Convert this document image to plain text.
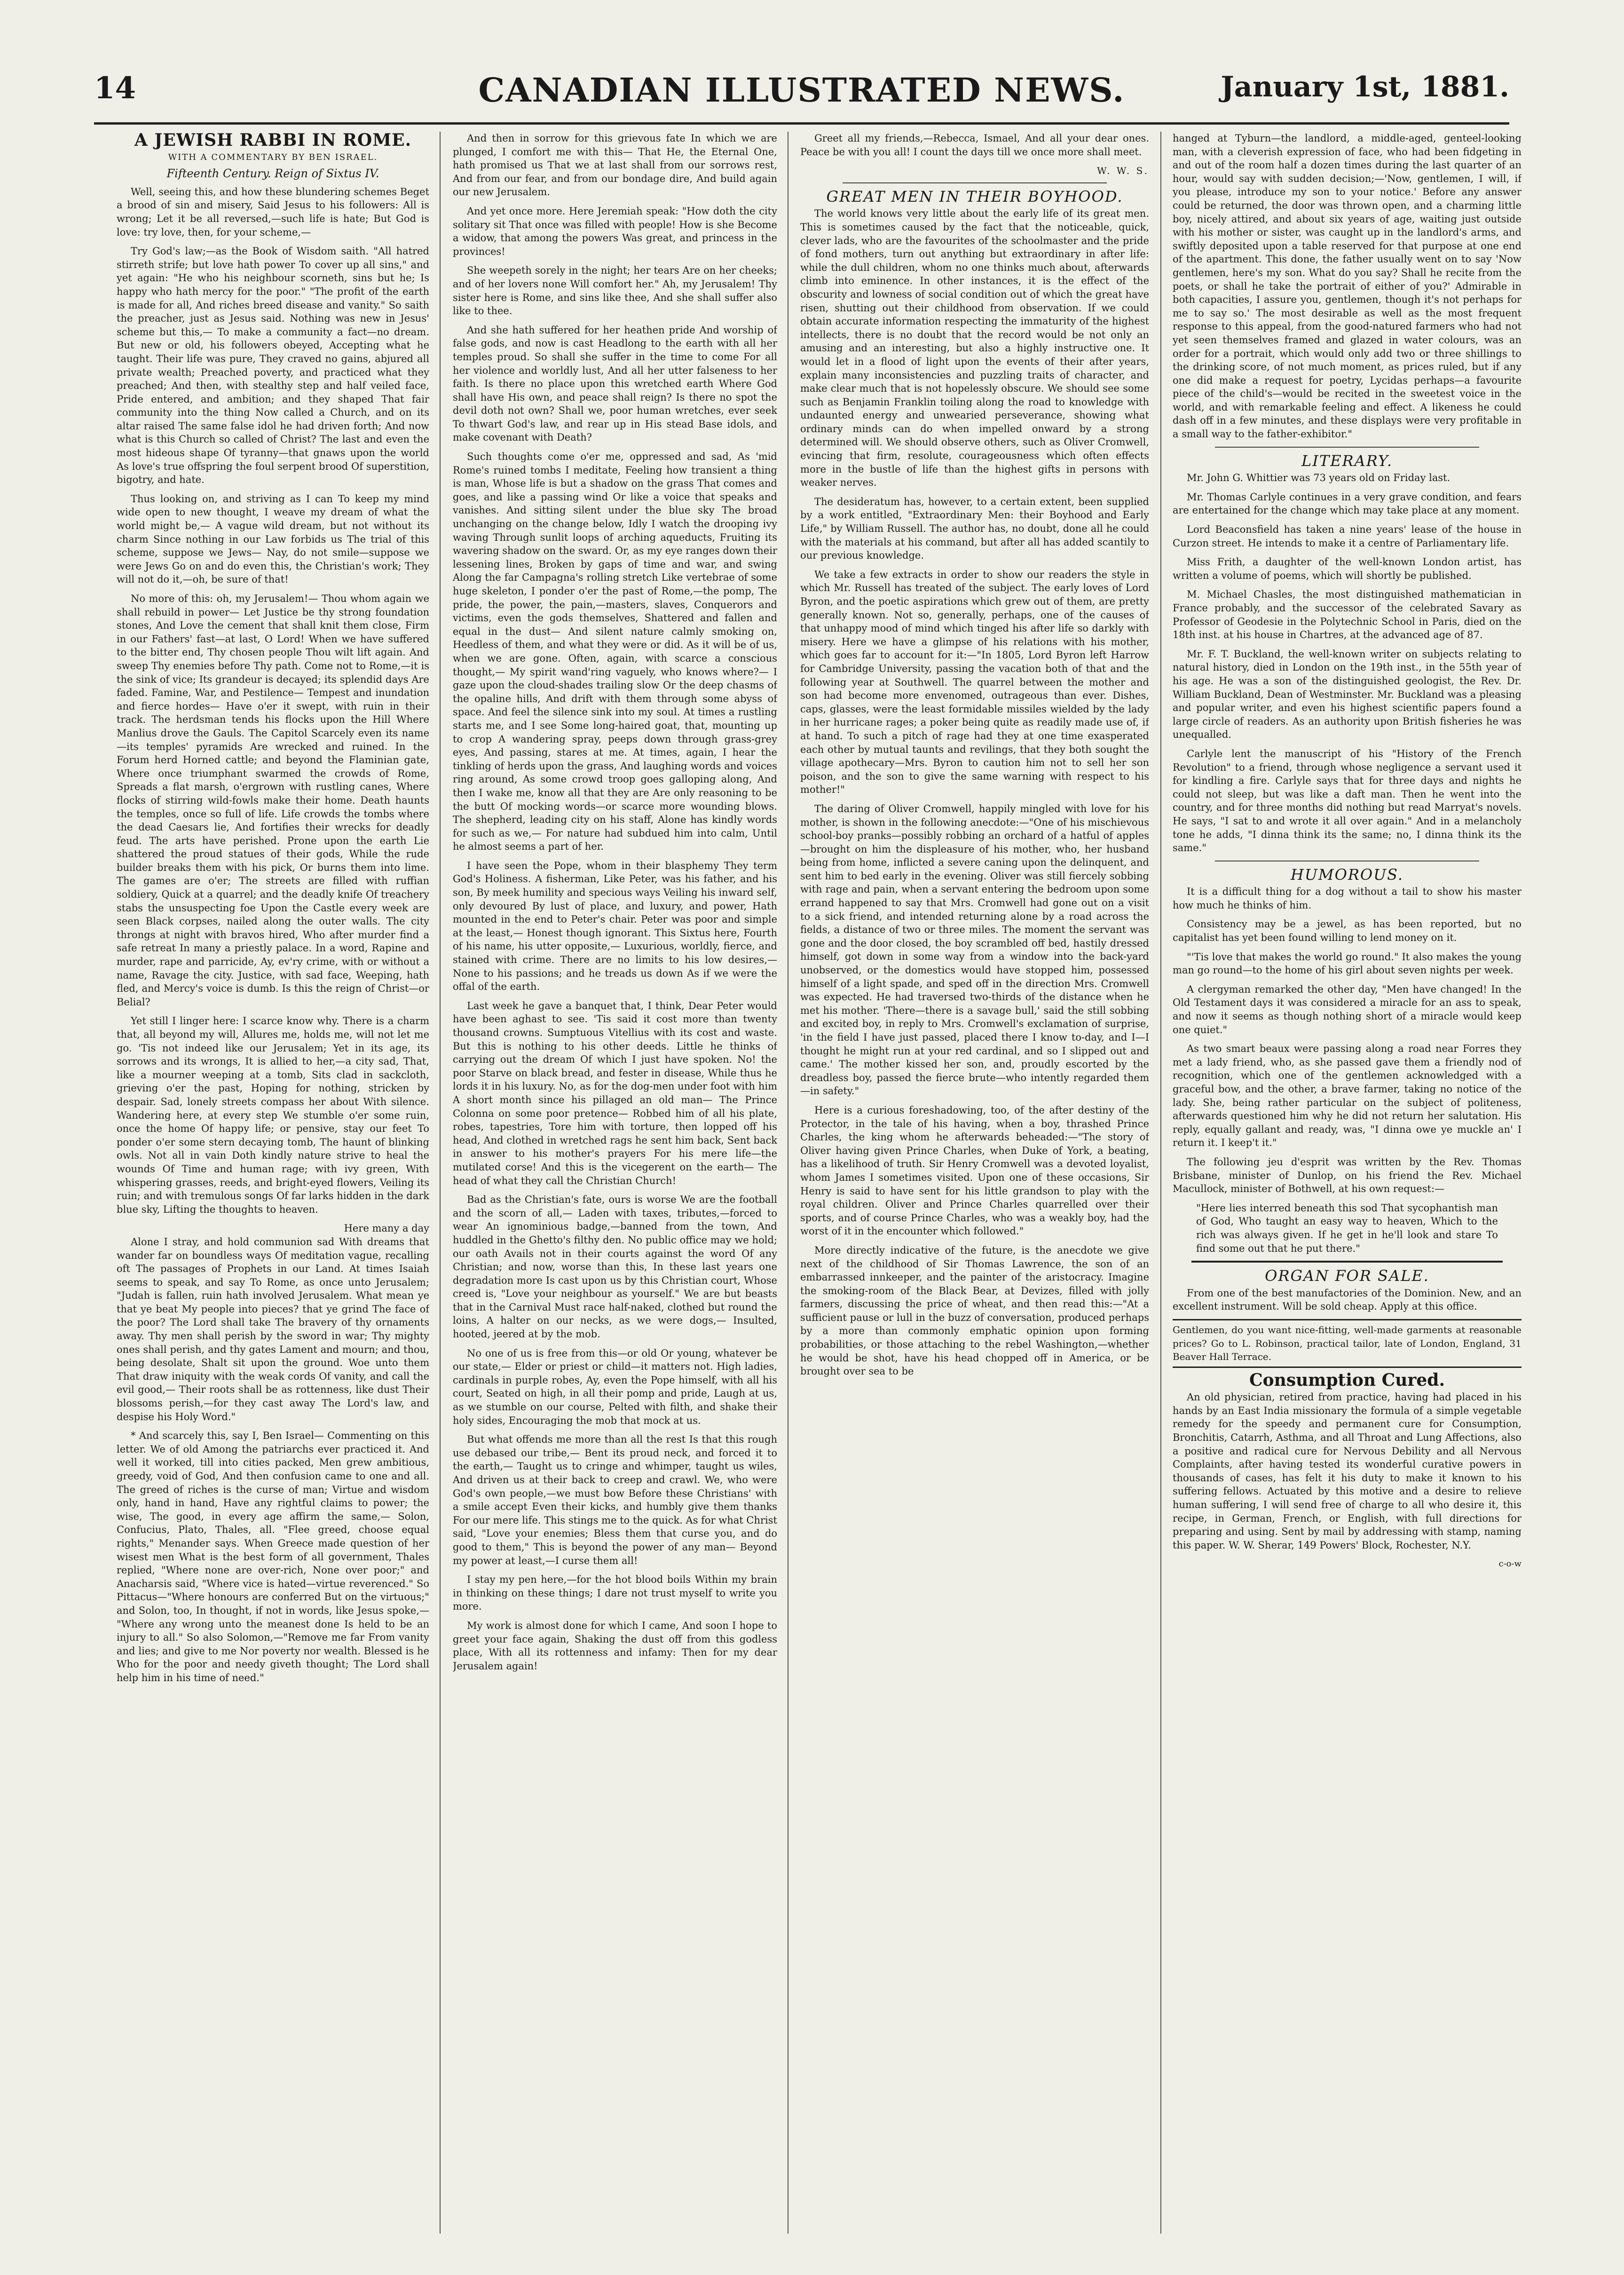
14	CANADIAN ILLUSTRATED NEWS.	January 1st, 1881.
A JEWISH RABBI IN ROME.
WITH A COMMENTARY BY BEN ISRAEL.
Fifteenth Century. Reign of Sixtus IV.

Well, seeing this, and how these blundering schemes Beget a brood of sin and misery, Said Jesus to his followers: All is wrong; Let it be all reversed,—such life is hate; But God is love: try love, then, for your scheme,—

Try God's law;—as the Book of Wisdom saith. "All hatred stirreth strife; but love hath power To cover up all sins," and yet again: "He who his neighbour scorneth, sins but he; Is happy who hath mercy for the poor." "The profit of the earth is made for all, And riches breed disease and vanity." So saith the preacher, just as Jesus said. Nothing was new in Jesus' scheme but this,— To make a community a fact—no dream. But new or old, his followers obeyed, Accepting what he taught. Their life was pure, They craved no gains, abjured all private wealth; Preached poverty, and practiced what they preached; And then, with stealthy step and half veiled face, Pride entered, and ambition; and they shaped That fair community into the thing Now called a Church, and on its altar raised The same false idol he had driven forth; And now what is this Church so called of Christ? The last and even the most hideous shape Of tyranny—that gnaws upon the world As love's true offspring the foul serpent brood Of superstition, bigotry, and hate.

Thus looking on, and striving as I can To keep my mind wide open to new thought, I weave my dream of what the world might be,— A vague wild dream, but not without its charm Since nothing in our Law forbids us The trial of this scheme, suppose we Jews— Nay, do not smile—suppose we were Jews Go on and do even this, the Christian's work; They will not do it,—oh, be sure of that!

No more of this: oh, my Jerusalem!— Thou whom again we shall rebuild in power— Let Justice be thy strong foundation stones, And Love the cement that shall knit them close, Firm in our Fathers' fast—at last, O Lord! When we have suffered to the bitter end, Thy chosen people Thou wilt lift again. And sweep Thy enemies before Thy path. Come not to Rome,—it is the sink of vice; Its grandeur is decayed; its splendid days Are faded. Famine, War, and Pestilence— Tempest and inundation and fierce hordes— Have o'er it swept, with ruin in their track. The herdsman tends his flocks upon the Hill Where Manlius drove the Gauls. The Capitol Scarcely even its name—its temples' pyramids Are wrecked and ruined. In the Forum herd Horned cattle; and beyond the Flaminian gate, Where once triumphant swarmed the crowds of Rome, Spreads a flat marsh, o'ergrown with rustling canes, Where flocks of stirring wild-fowls make their home. Death haunts the temples, once so full of life. Life crowds the tombs where the dead Caesars lie, And fortifies their wrecks for deadly feud. The arts have perished. Prone upon the earth Lie shattered the proud statues of their gods, While the rude builder breaks them with his pick, Or burns them into lime. The games are o'er; The streets are filled with ruffian soldiery, Quick at a quarrel; and the deadly knife Of treachery stabs the unsuspecting foe Upon the Castle every week are seen Black corpses, nailed along the outer walls. The city throngs at night with bravos hired, Who after murder find a safe retreat In many a priestly palace. In a word, Rapine and murder, rape and parricide, Ay, ev'ry crime, with or without a name, Ravage the city. Justice, with sad face, Weeping, hath fled, and Mercy's voice is dumb. Is this the reign of Christ—or Belial?

Yet still I linger here: I scarce know why. There is a charm that, all beyond my will, Allures me, holds me, will not let me go. 'Tis not indeed like our Jerusalem; Yet in its age, its sorrows and its wrongs, It is allied to her,—a city sad, That, like a mourner weeping at a tomb, Sits clad in sackcloth, grieving o'er the past, Hoping for nothing, stricken by despair. Sad, lonely streets compass her about With silence. Wandering here, at every step We stumble o'er some ruin, once the home Of happy life; or pensive, stay our feet To ponder o'er some stern decaying tomb, The haunt of blinking owls. Not all in vain Doth kindly nature strive to heal the wounds Of Time and human rage; with ivy green, With whispering grasses, reeds, and bright-eyed flowers, Veiling its ruin; and with tremulous songs Of far larks hidden in the dark blue sky, Lifting the thoughts to heaven.

Here many a day

Alone I stray, and hold communion sad With dreams that wander far on boundless ways Of meditation vague, recalling oft The passages of Prophets in our Land. At times Isaiah seems to speak, and say To Rome, as once unto Jerusalem; "Judah is fallen, ruin hath involved Jerusalem. What mean ye that ye beat My people into pieces? that ye grind The face of the poor? The Lord shall take The bravery of thy ornaments away. Thy men shall perish by the sword in war; Thy mighty ones shall perish, and thy gates Lament and mourn; and thou, being desolate, Shalt sit upon the ground. Woe unto them That draw iniquity with the weak cords Of vanity, and call the evil good,— Their roots shall be as rottenness, like dust Their blossoms perish,—for they cast away The Lord's law, and despise his Holy Word."

* And scarcely this, say I, Ben Israel— Commenting on this letter. We of old Among the patriarchs ever practiced it. And well it worked, till into cities packed, Men grew ambitious, greedy, void of God, And then confusion came to one and all. The greed of riches is the curse of man; Virtue and wisdom only, hand in hand, Have any rightful claims to power; the wise, The good, in every age affirm the same,— Solon, Confucius, Plato, Thales, all. "Flee greed, choose equal rights," Menander says. When Greece made question of her wisest men What is the best form of all government, Thales replied, "Where none are over-rich, None over poor;" and Anacharsis said, "Where vice is hated—virtue reverenced." So Pittacus—"Where honours are conferred But on the virtuous;" and Solon, too, In thought, if not in words, like Jesus spoke,— "Where any wrong unto the meanest done Is held to be an injury to all." So also Solomon,—"Remove me far From vanity and lies; and give to me Nor poverty nor wealth. Blessed is he Who for the poor and needy giveth thought; The Lord shall help him in his time of need."

And then in sorrow for this grievous fate In which we are plunged, I comfort me with this— That He, the Eternal One, hath promised us That we at last shall from our sorrows rest, And from our fear, and from our bondage dire, And build again our new Jerusalem.

And yet once more. Here Jeremiah speak: "How doth the city solitary sit That once was filled with people! How is she Become a widow, that among the powers Was great, and princess in the provinces!

She weepeth sorely in the night; her tears Are on her cheeks; and of her lovers none Will comfort her." Ah, my Jerusalem! Thy sister here is Rome, and sins like thee, And she shall suffer also like to thee.

And she hath suffered for her heathen pride And worship of false gods, and now is cast Headlong to the earth with all her temples proud. So shall she suffer in the time to come For all her violence and worldly lust, And all her utter falseness to her faith. Is there no place upon this wretched earth Where God shall have His own, and peace shall reign? Is there no spot the devil doth not own? Shall we, poor human wretches, ever seek To thwart God's law, and rear up in His stead Base idols, and make covenant with Death?

Such thoughts come o'er me, oppressed and sad, As 'mid Rome's ruined tombs I meditate, Feeling how transient a thing is man, Whose life is but a shadow on the grass That comes and goes, and like a passing wind Or like a voice that speaks and vanishes. And sitting silent under the blue sky The broad unchanging on the change below, Idly I watch the drooping ivy waving Through sunlit loops of arching aqueducts, Fruiting its wavering shadow on the sward. Or, as my eye ranges down their lessening lines, Broken by gaps of time and war, and swing Along the far Campagna's rolling stretch Like vertebrae of some huge skeleton, I ponder o'er the past of Rome,—the pomp, The pride, the power, the pain,—masters, slaves, Conquerors and victims, even the gods themselves, Shattered and fallen and equal in the dust— And silent nature calmly smoking on, Heedless of them, and what they were or did. As it will be of us, when we are gone. Often, again, with scarce a conscious thought,— My spirit wand'ring vaguely, who knows where?— I gaze upon the cloud-shades trailing slow Or the deep chasms of the opaline hills, And drift with them through some abyss of space. And feel the silence sink into my soul. At times a rustling starts me, and I see Some long-haired goat, that, mounting up to crop A wandering spray, peeps down through grass-grey eyes, And passing, stares at me. At times, again, I hear the tinkling of herds upon the grass, And laughing words and voices ring around, As some crowd troop goes galloping along, And then I wake me, know all that they are Are only reasoning to be the butt Of mocking words—or scarce more wounding blows. The shepherd, leading city on his staff, Alone has kindly words for such as we,— For nature had subdued him into calm, Until he almost seems a part of her.

I have seen the Pope, whom in their blasphemy They term God's Holiness. A fisherman, Like Peter, was his father, and his son, By meek humility and specious ways Veiling his inward self, only devoured By lust of place, and luxury, and power, Hath mounted in the end to Peter's chair. Peter was poor and simple at the least,— Honest though ignorant. This Sixtus here, Fourth of his name, his utter opposite,— Luxurious, worldly, fierce, and stained with crime. There are no limits to his low desires,— None to his passions; and he treads us down As if we were the offal of the earth.

Last week he gave a banquet that, I think, Dear Peter would have been aghast to see. 'Tis said it cost more than twenty thousand crowns. Sumptuous Vitellius with its cost and waste. But this is nothing to his other deeds. Little he thinks of carrying out the dream Of which I just have spoken. No! the poor Starve on black bread, and fester in disease, While thus he lords it in his luxury. No, as for the dog-men under foot with him A short month since his pillaged an old man— The Prince Colonna on some poor pretence— Robbed him of all his plate, robes, tapestries, Tore him with torture, then lopped off his head, And clothed in wretched rags he sent him back, Sent back in answer to his mother's prayers For his mere life—the mutilated corse! And this is the vicegerent on the earth— The head of what they call the Christian Church!

Bad as the Christian's fate, ours is worse We are the football and the scorn of all,— Laden with taxes, tributes,—forced to wear An ignominious badge,—banned from the town, And huddled in the Ghetto's filthy den. No public office may we hold; our oath Avails not in their courts against the word Of any Christian; and now, worse than this, In these last years one degradation more Is cast upon us by this Christian court, Whose creed is, "Love your neighbour as yourself." We are but beasts that in the Carnival Must race half-naked, clothed but round the loins, A halter on our necks, as we were dogs,— Insulted, hooted, jeered at by the mob.

No one of us is free from this—or old Or young, whatever be our state,— Elder or priest or child—it matters not. High ladies, cardinals in purple robes, Ay, even the Pope himself, with all his court, Seated on high, in all their pomp and pride, Laugh at us, as we stumble on our course, Pelted with filth, and shake their holy sides, Encouraging the mob that mock at us.

But what offends me more than all the rest Is that this rough use debased our tribe,— Bent its proud neck, and forced it to the earth,— Taught us to cringe and whimper, taught us wiles, And driven us at their back to creep and crawl. We, who were God's own people,—we must bow Before these Christians' with a smile accept Even their kicks, and humbly give them thanks For our mere life. This stings me to the quick. As for what Christ said, "Love your enemies; Bless them that curse you, and do good to them," This is beyond the power of any man— Beyond my power at least,—I curse them all!

I stay my pen here,—for the hot blood boils Within my brain in thinking on these things; I dare not trust myself to write you more.

My work is almost done for which I came, And soon I hope to greet your face again, Shaking the dust off from this godless place, With all its rottenness and infamy: Then for my dear Jerusalem again!

Greet all my friends,—Rebecca, Ismael, And all your dear ones. Peace be with you all! I count the days till we once more shall meet.

W. W. S.
GREAT MEN IN THEIR BOYHOOD.

The world knows very little about the early life of its great men. This is sometimes caused by the fact that the noticeable, quick, clever lads, who are the favourites of the schoolmaster and the pride of fond mothers, turn out anything but extraordinary in after life: while the dull children, whom no one thinks much about, afterwards climb into eminence. In other instances, it is the effect of the obscurity and lowness of social condition out of which the great have risen, shutting out their childhood from observation. If we could obtain accurate information respecting the immaturity of the highest intellects, there is no doubt that the record would be not only an amusing and an interesting, but also a highly instructive one. It would let in a flood of light upon the events of their after years, explain many inconsistencies and puzzling traits of character, and make clear much that is not hopelessly obscure. We should see some such as Benjamin Franklin toiling along the road to knowledge with undaunted energy and unwearied perseverance, showing what ordinary minds can do when impelled onward by a strong determined will. We should observe others, such as Oliver Cromwell, evincing that firm, resolute, courageousness which often effects more in the bustle of life than the highest gifts in persons with weaker nerves.

The desideratum has, however, to a certain extent, been supplied by a work entitled, "Extraordinary Men: their Boyhood and Early Life," by William Russell. The author has, no doubt, done all he could with the materials at his command, but after all has added scantily to our previous knowledge.

We take a few extracts in order to show our readers the style in which Mr. Russell has treated of the subject. The early loves of Lord Byron, and the poetic aspirations which grew out of them, are pretty generally known. Not so, generally, perhaps, one of the causes of that unhappy mood of mind which tinged his after life so darkly with misery. Here we have a glimpse of his relations with his mother, which goes far to account for it:—"In 1805, Lord Byron left Harrow for Cambridge University, passing the vacation both of that and the following year at Southwell. The quarrel between the mother and son had become more envenomed, outrageous than ever. Dishes, caps, glasses, were the least formidable missiles wielded by the lady in her hurricane rages; a poker being quite as readily made use of, if at hand. To such a pitch of rage had they at one time exasperated each other by mutual taunts and revilings, that they both sought the village apothecary—Mrs. Byron to caution him not to sell her son poison, and the son to give the same warning with respect to his mother!"

The daring of Oliver Cromwell, happily mingled with love for his mother, is shown in the following anecdote:—"One of his mischievous school-boy pranks—possibly robbing an orchard of a hatful of apples—brought on him the displeasure of his mother, who, her husband being from home, inflicted a severe caning upon the delinquent, and sent him to bed early in the evening. Oliver was still fiercely sobbing with rage and pain, when a servant entering the bedroom upon some errand happened to say that Mrs. Cromwell had gone out on a visit to a sick friend, and intended returning alone by a road across the fields, a distance of two or three miles. The moment the servant was gone and the door closed, the boy scrambled off bed, hastily dressed himself, got down in some way from a window into the back-yard unobserved, or the domestics would have stopped him, possessed himself of a light spade, and sped off in the direction Mrs. Cromwell was expected. He had traversed two-thirds of the distance when he met his mother. 'There—there is a savage bull,' said the still sobbing and excited boy, in reply to Mrs. Cromwell's exclamation of surprise, 'in the field I have just passed, placed there I know to-day, and I—I thought he might run at your red cardinal, and so I slipped out and came.' The mother kissed her son, and, proudly escorted by the dreadless boy, passed the fierce brute—who intently regarded them—in safety."

Here is a curious foreshadowing, too, of the after destiny of the Protector, in the tale of his having, when a boy, thrashed Prince Charles, the king whom he afterwards beheaded:—"The story of Oliver having given Prince Charles, when Duke of York, a beating, has a likelihood of truth. Sir Henry Cromwell was a devoted loyalist, whom James I sometimes visited. Upon one of these occasions, Sir Henry is said to have sent for his little grandson to play with the royal children. Oliver and Prince Charles quarrelled over their sports, and of course Prince Charles, who was a weakly boy, had the worst of it in the encounter which followed."

More directly indicative of the future, is the anecdote we give next of the childhood of Sir Thomas Lawrence, the son of an embarrassed innkeeper, and the painter of the aristocracy. Imagine the smoking-room of the Black Bear, at Devizes, filled with jolly farmers, discussing the price of wheat, and then read this:—"At a sufficient pause or lull in the buzz of conversation, produced perhaps by a more than commonly emphatic opinion upon forming probabilities, or those attaching to the rebel Washington,—whether he would be shot, have his head chopped off in America, or be brought over sea to be

hanged at Tyburn—the landlord, a middle-aged, genteel-looking man, with a cleverish expression of face, who had been fidgeting in and out of the room half a dozen times during the last quarter of an hour, would say with sudden decision;—'Now, gentlemen, I will, if you please, introduce my son to your notice.' Before any answer could be returned, the door was thrown open, and a charming little boy, nicely attired, and about six years of age, waiting just outside with his mother or sister, was caught up in the landlord's arms, and swiftly deposited upon a table reserved for that purpose at one end of the apartment. This done, the father usually went on to say 'Now gentlemen, here's my son. What do you say? Shall he recite from the poets, or shall he take the portrait of either of you?' Admirable in both capacities, I assure you, gentlemen, though it's not perhaps for me to say so.' The most desirable as well as the most frequent response to this appeal, from the good-natured farmers who had not yet seen themselves framed and glazed in water colours, was an order for a portrait, which would only add two or three shillings to the drinking score, of not much moment, as prices ruled, but if any one did make a request for poetry, Lycidas perhaps—a favourite piece of the child's—would be recited in the sweetest voice in the world, and with remarkable feeling and effect. A likeness he could dash off in a few minutes, and these displays were very profitable in a small way to the father-exhibitor."

LITERARY.

Mr. John G. Whittier was 73 years old on Friday last.

Mr. Thomas Carlyle continues in a very grave condition, and fears are entertained for the change which may take place at any moment.

Lord Beaconsfield has taken a nine years' lease of the house in Curzon street. He intends to make it a centre of Parliamentary life.

Miss Frith, a daughter of the well-known London artist, has written a volume of poems, which will shortly be published.

M. Michael Chasles, the most distinguished mathematician in France probably, and the successor of the celebrated Savary as Professor of Geodesie in the Polytechnic School in Paris, died on the 18th inst. at his house in Chartres, at the advanced age of 87.

Mr. F. T. Buckland, the well-known writer on subjects relating to natural history, died in London on the 19th inst., in the 55th year of his age. He was a son of the distinguished geologist, the Rev. Dr. William Buckland, Dean of Westminster. Mr. Buckland was a pleasing and popular writer, and even his highest scientific papers found a large circle of readers. As an authority upon British fisheries he was unequalled.

Carlyle lent the manuscript of his "History of the French Revolution" to a friend, through whose negligence a servant used it for kindling a fire. Carlyle says that for three days and nights he could not sleep, but was like a daft man. Then he went into the country, and for three months did nothing but read Marryat's novels. He says, "I sat to and wrote it all over again." And in a melancholy tone he adds, "I dinna think its the same; no, I dinna think its the same."

HUMOROUS.

It is a difficult thing for a dog without a tail to show his master how much he thinks of him.

Consistency may be a jewel, as has been reported, but no capitalist has yet been found willing to lend money on it.

"'Tis love that makes the world go round." It also makes the young man go round—to the home of his girl about seven nights per week.

A clergyman remarked the other day, "Men have changed! In the Old Testament days it was considered a miracle for an ass to speak, and now it seems as though nothing short of a miracle would keep one quiet."

As two smart beaux were passing along a road near Forres they met a lady friend, who, as she passed gave them a friendly nod of recognition, which one of the gentlemen acknowledged with a graceful bow, and the other, a brave farmer, taking no notice of the lady. She, being rather particular on the subject of politeness, afterwards questioned him why he did not return her salutation. His reply, equally gallant and ready, was, "I dinna owe ye muckle an' I return it. I keep't it."

The following jeu d'esprit was written by the Rev. Thomas Brisbane, minister of Dunlop, on his friend the Rev. Michael Macullock, minister of Bothwell, at his own request:—

"Here lies interred beneath this sod That sycophantish man of God, Who taught an easy way to heaven, Which to the rich was always given. If he get in he'll look and stare To find some out that he put there."

ORGAN FOR SALE.

From one of the best manufactories of the Dominion. New, and an excellent instrument. Will be sold cheap. Apply at this office.

Gentlemen, do you want nice-fitting, well-made garments at reasonable prices? Go to L. Robinson, practical tailor, late of London, England, 31 Beaver Hall Terrace.
Consumption Cured.

An old physician, retired from practice, having had placed in his hands by an East India missionary the formula of a simple vegetable remedy for the speedy and permanent cure for Consumption, Bronchitis, Catarrh, Asthma, and all Throat and Lung Affections, also a positive and radical cure for Nervous Debility and all Nervous Complaints, after having tested its wonderful curative powers in thousands of cases, has felt it his duty to make it known to his suffering fellows. Actuated by this motive and a desire to relieve human suffering, I will send free of charge to all who desire it, this recipe, in German, French, or English, with full directions for preparing and using. Sent by mail by addressing with stamp, naming this paper. W. W. Sherar, 149 Powers' Block, Rochester, N.Y.

c-o-w
